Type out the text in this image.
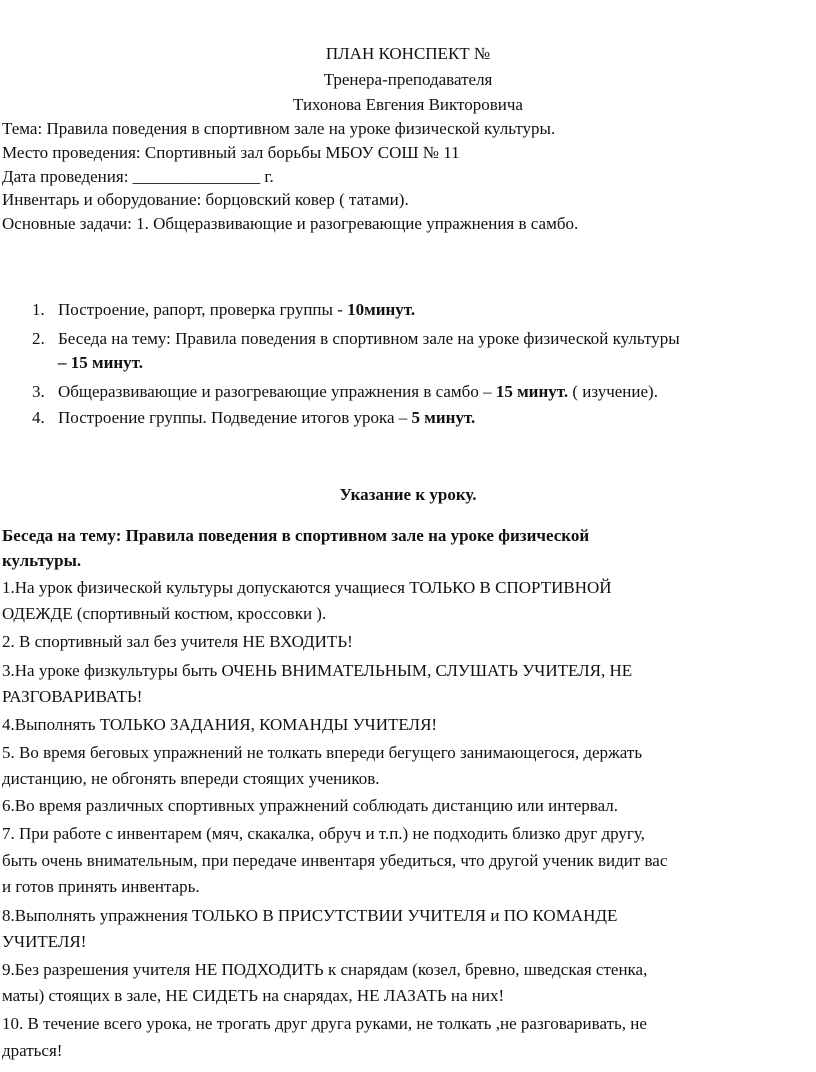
ПЛАН КОНСПЕКТ №
Тренера-преподавателя
Тихонова Евгения Викторовича
Тема: Правила поведения в спортивном зале на уроке физической культуры.
Место проведения: Спортивный зал борьбы МБОУ СОШ № 11
Дата проведения: _______________ г.
Инвентарь и оборудование: борцовский ковер ( татами).
Основные задачи: 1. Общеразвивающие и разогревающие упражнения в самбо.
1. Построение, рапорт, проверка группы - 10минут.
2. Беседа на тему: Правила поведения в спортивном зале на уроке физической культуры
– 15 минут.
3. Общеразвивающие и разогревающие упражнения в самбо – 15 минут. ( изучение).
4. Построение группы. Подведение итогов урока – 5 минут.
Указание к уроку.
Беседа на тему: Правила поведения в спортивном зале на уроке физической
культуры.
1.На урок физической культуры допускаются учащиеся ТОЛЬКО В СПОРТИВНОЙ
ОДЕЖДЕ (спортивный костюм, кроссовки ).
2. В спортивный зал без учителя НЕ ВХОДИТЬ!
3.На уроке физкультуры быть ОЧЕНЬ ВНИМАТЕЛЬНЫМ, СЛУШАТЬ УЧИТЕЛЯ, НЕ
РАЗГОВАРИВАТЬ!
4.Выполнять ТОЛЬКО ЗАДАНИЯ, КОМАНДЫ УЧИТЕЛЯ!
5. Во время беговых упражнений не толкать впереди бегущего занимающегося, держать
дистанцию, не обгонять впереди стоящих учеников.
6.Во время различных спортивных упражнений соблюдать дистанцию или интервал.
7. При работе с инвентарем (мяч, скакалка, обруч и т.п.) не подходить близко друг другу,
быть очень внимательным, при передаче инвентаря убедиться, что другой ученик видит вас
и готов принять инвентарь.
8.Выполнять упражнения ТОЛЬКО В ПРИСУТСТВИИ УЧИТЕЛЯ и ПО КОМАНДЕ
УЧИТЕЛЯ!
9.Без разрешения учителя НЕ ПОДХОДИТЬ к снарядам (козел, бревно, шведская стенка,
маты) стоящих в зале, НЕ СИДЕТЬ на снарядах, НЕ ЛАЗАТЬ на них!
10. В течение всего урока, не трогать друг друга руками, не толкать ,не разговаривать, не
драться!
